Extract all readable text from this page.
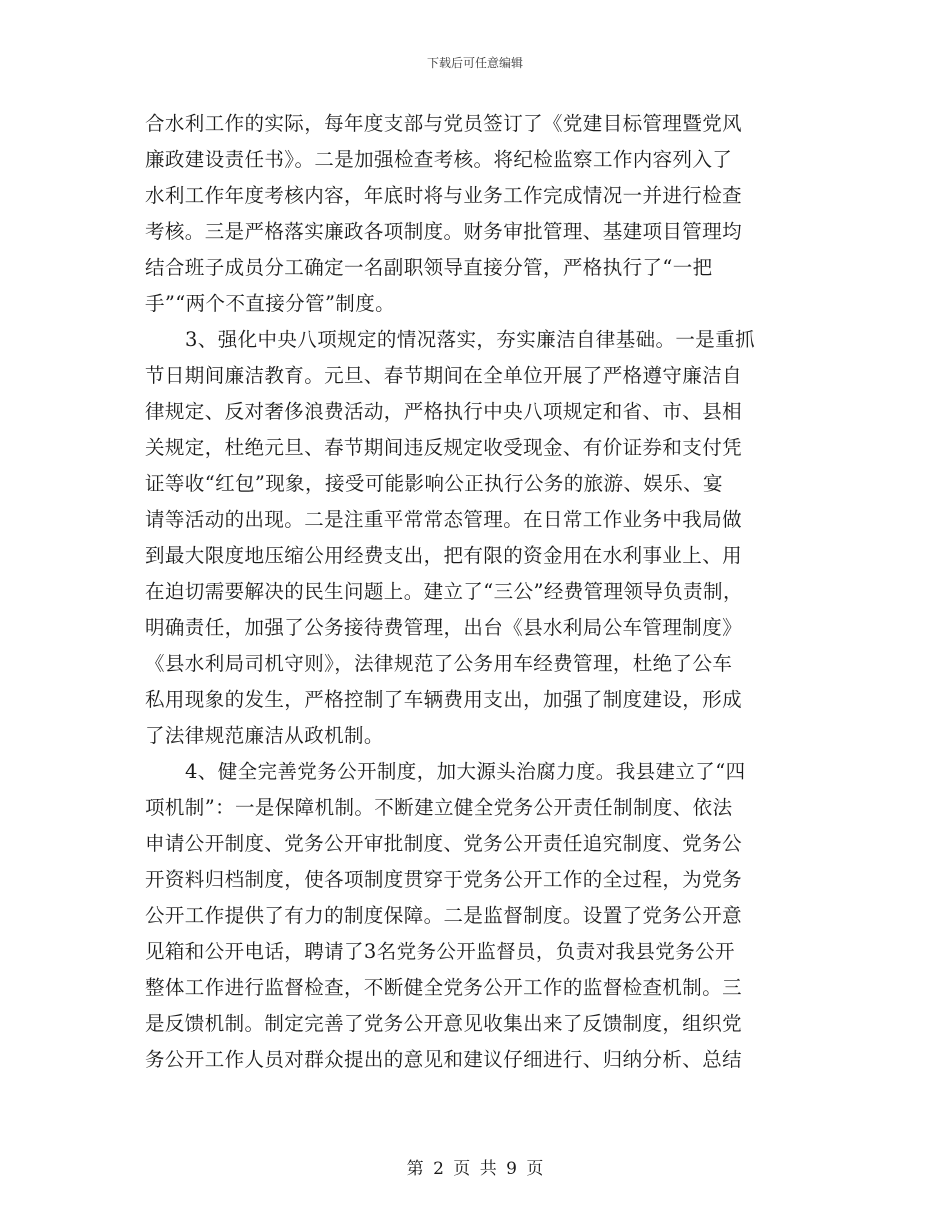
下载后可任意编辑
合水利工作的实际，每年度支部与党员签订了《党建目标管理暨党风
廉政建设责任书》。二是加强检查考核。将纪检监察工作内容列入了
水利工作年度考核内容，年底时将与业务工作完成情况一并进行检查
考核。三是严格落实廉政各项制度。财务审批管理、基建项目管理均
结合班子成员分工确定一名副职领导直接分管，严格执行了“一把
手”“两个不直接分管”制度。
3、强化中央八项规定的情况落实，夯实廉洁自律基础。一是重抓
节日期间廉洁教育。元旦、春节期间在全单位开展了严格遵守廉洁自
律规定、反对奢侈浪费活动，严格执行中央八项规定和省、市、县相
关规定，杜绝元旦、春节期间违反规定收受现金、有价证券和支付凭
证等收“红包”现象，接受可能影响公正执行公务的旅游、娱乐、宴
请等活动的出现。二是注重平常常态管理。在日常工作业务中我局做
到最大限度地压缩公用经费支出，把有限的资金用在水利事业上、用
在迫切需要解决的民生问题上。建立了“三公”经费管理领导负责制，
明确责任，加强了公务接待费管理，出台《县水利局公车管理制度》
《县水利局司机守则》，法律规范了公务用车经费管理，杜绝了公车
私用现象的发生，严格控制了车辆费用支出，加强了制度建设，形成
了法律规范廉洁从政机制。
4、健全完善党务公开制度，加大源头治腐力度。我县建立了“四
项机制”：一是保障机制。不断建立健全党务公开责任制制度、依法
申请公开制度、党务公开审批制度、党务公开责任追究制度、党务公
开资料归档制度，使各项制度贯穿于党务公开工作的全过程，为党务
公开工作提供了有力的制度保障。二是监督制度。设置了党务公开意
见箱和公开电话，聘请了3名党务公开监督员，负责对我县党务公开
整体工作进行监督检查，不断健全党务公开工作的监督检查机制。三
是反馈机制。制定完善了党务公开意见收集出来了反馈制度，组织党
务公开工作人员对群众提出的意见和建议仔细进行、归纳分析、总结
第 2 页 共 9 页
